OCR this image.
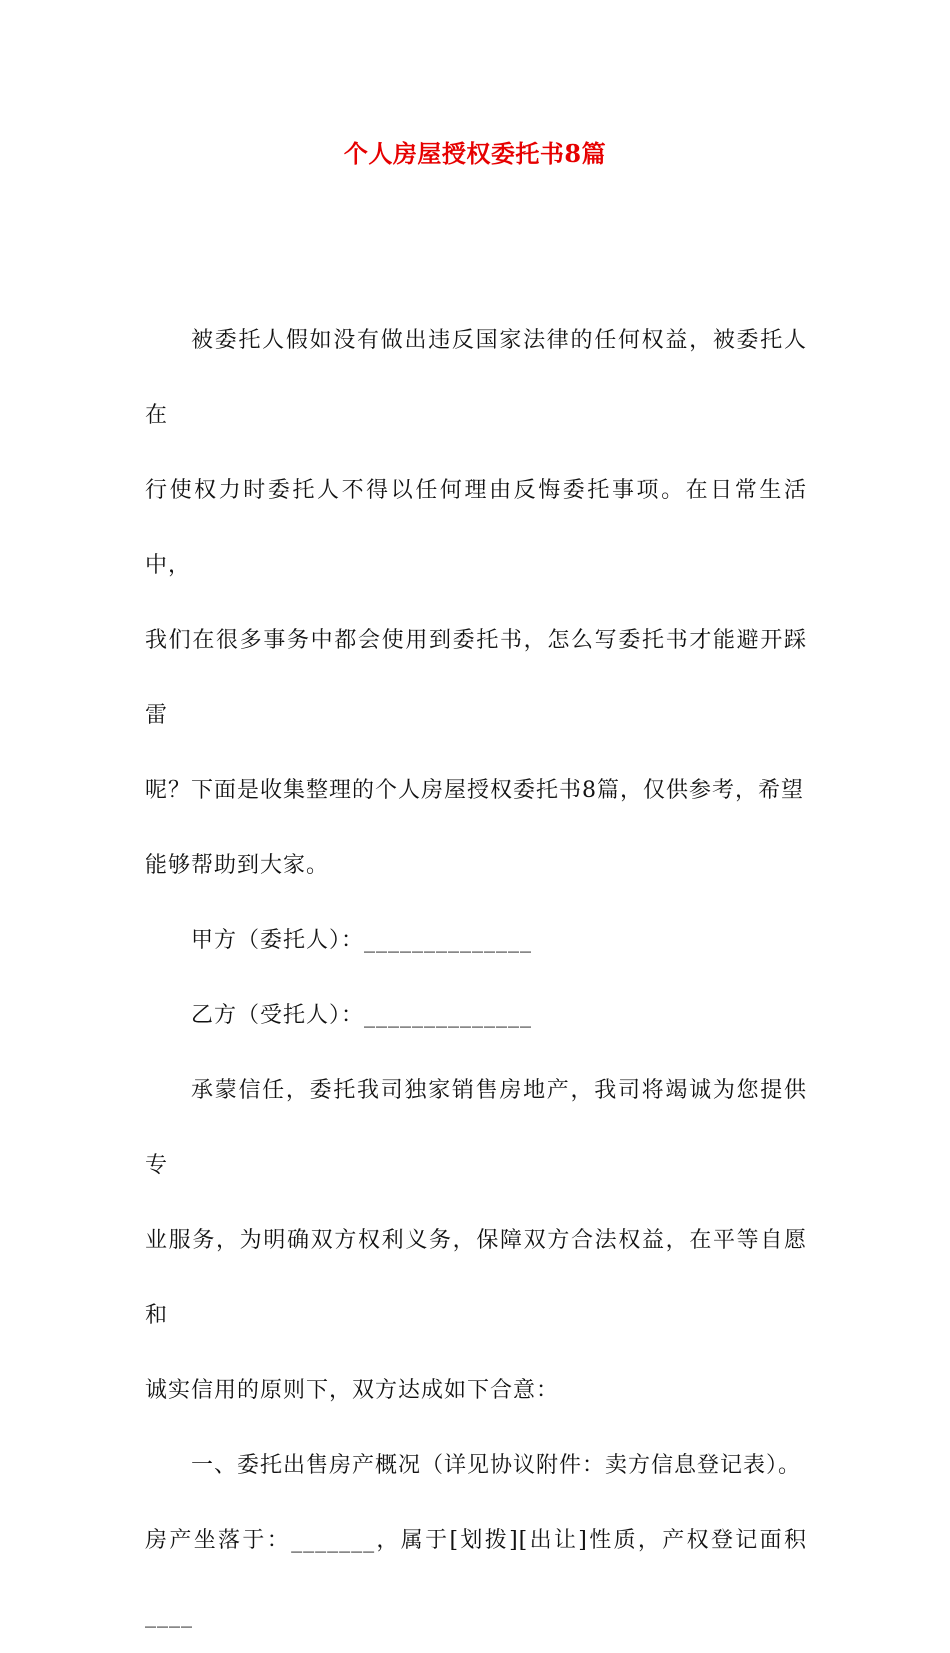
个人房屋授权委托书8篇
被委托人假如没有做出违反国家法律的任何权益，被委托人在
行使权力时委托人不得以任何理由反悔委托事项。在日常生活中，
我们在很多事务中都会使用到委托书，怎么写委托书才能避开踩雷
呢？下面是收集整理的个人房屋授权委托书8篇，仅供参考，希望
能够帮助到大家。
甲方（委托人）：______________
乙方（受托人）：______________
承蒙信任，委托我司独家销售房地产，我司将竭诚为您提供专
业服务，为明确双方权利义务，保障双方合法权益，在平等自愿和
诚实信用的原则下，双方达成如下合意：
一、委托出售房产概况（详见协议附件：卖方信息登记表）。
房产坐落于：_______，属于[划拨][出让]性质，产权登记面积____
